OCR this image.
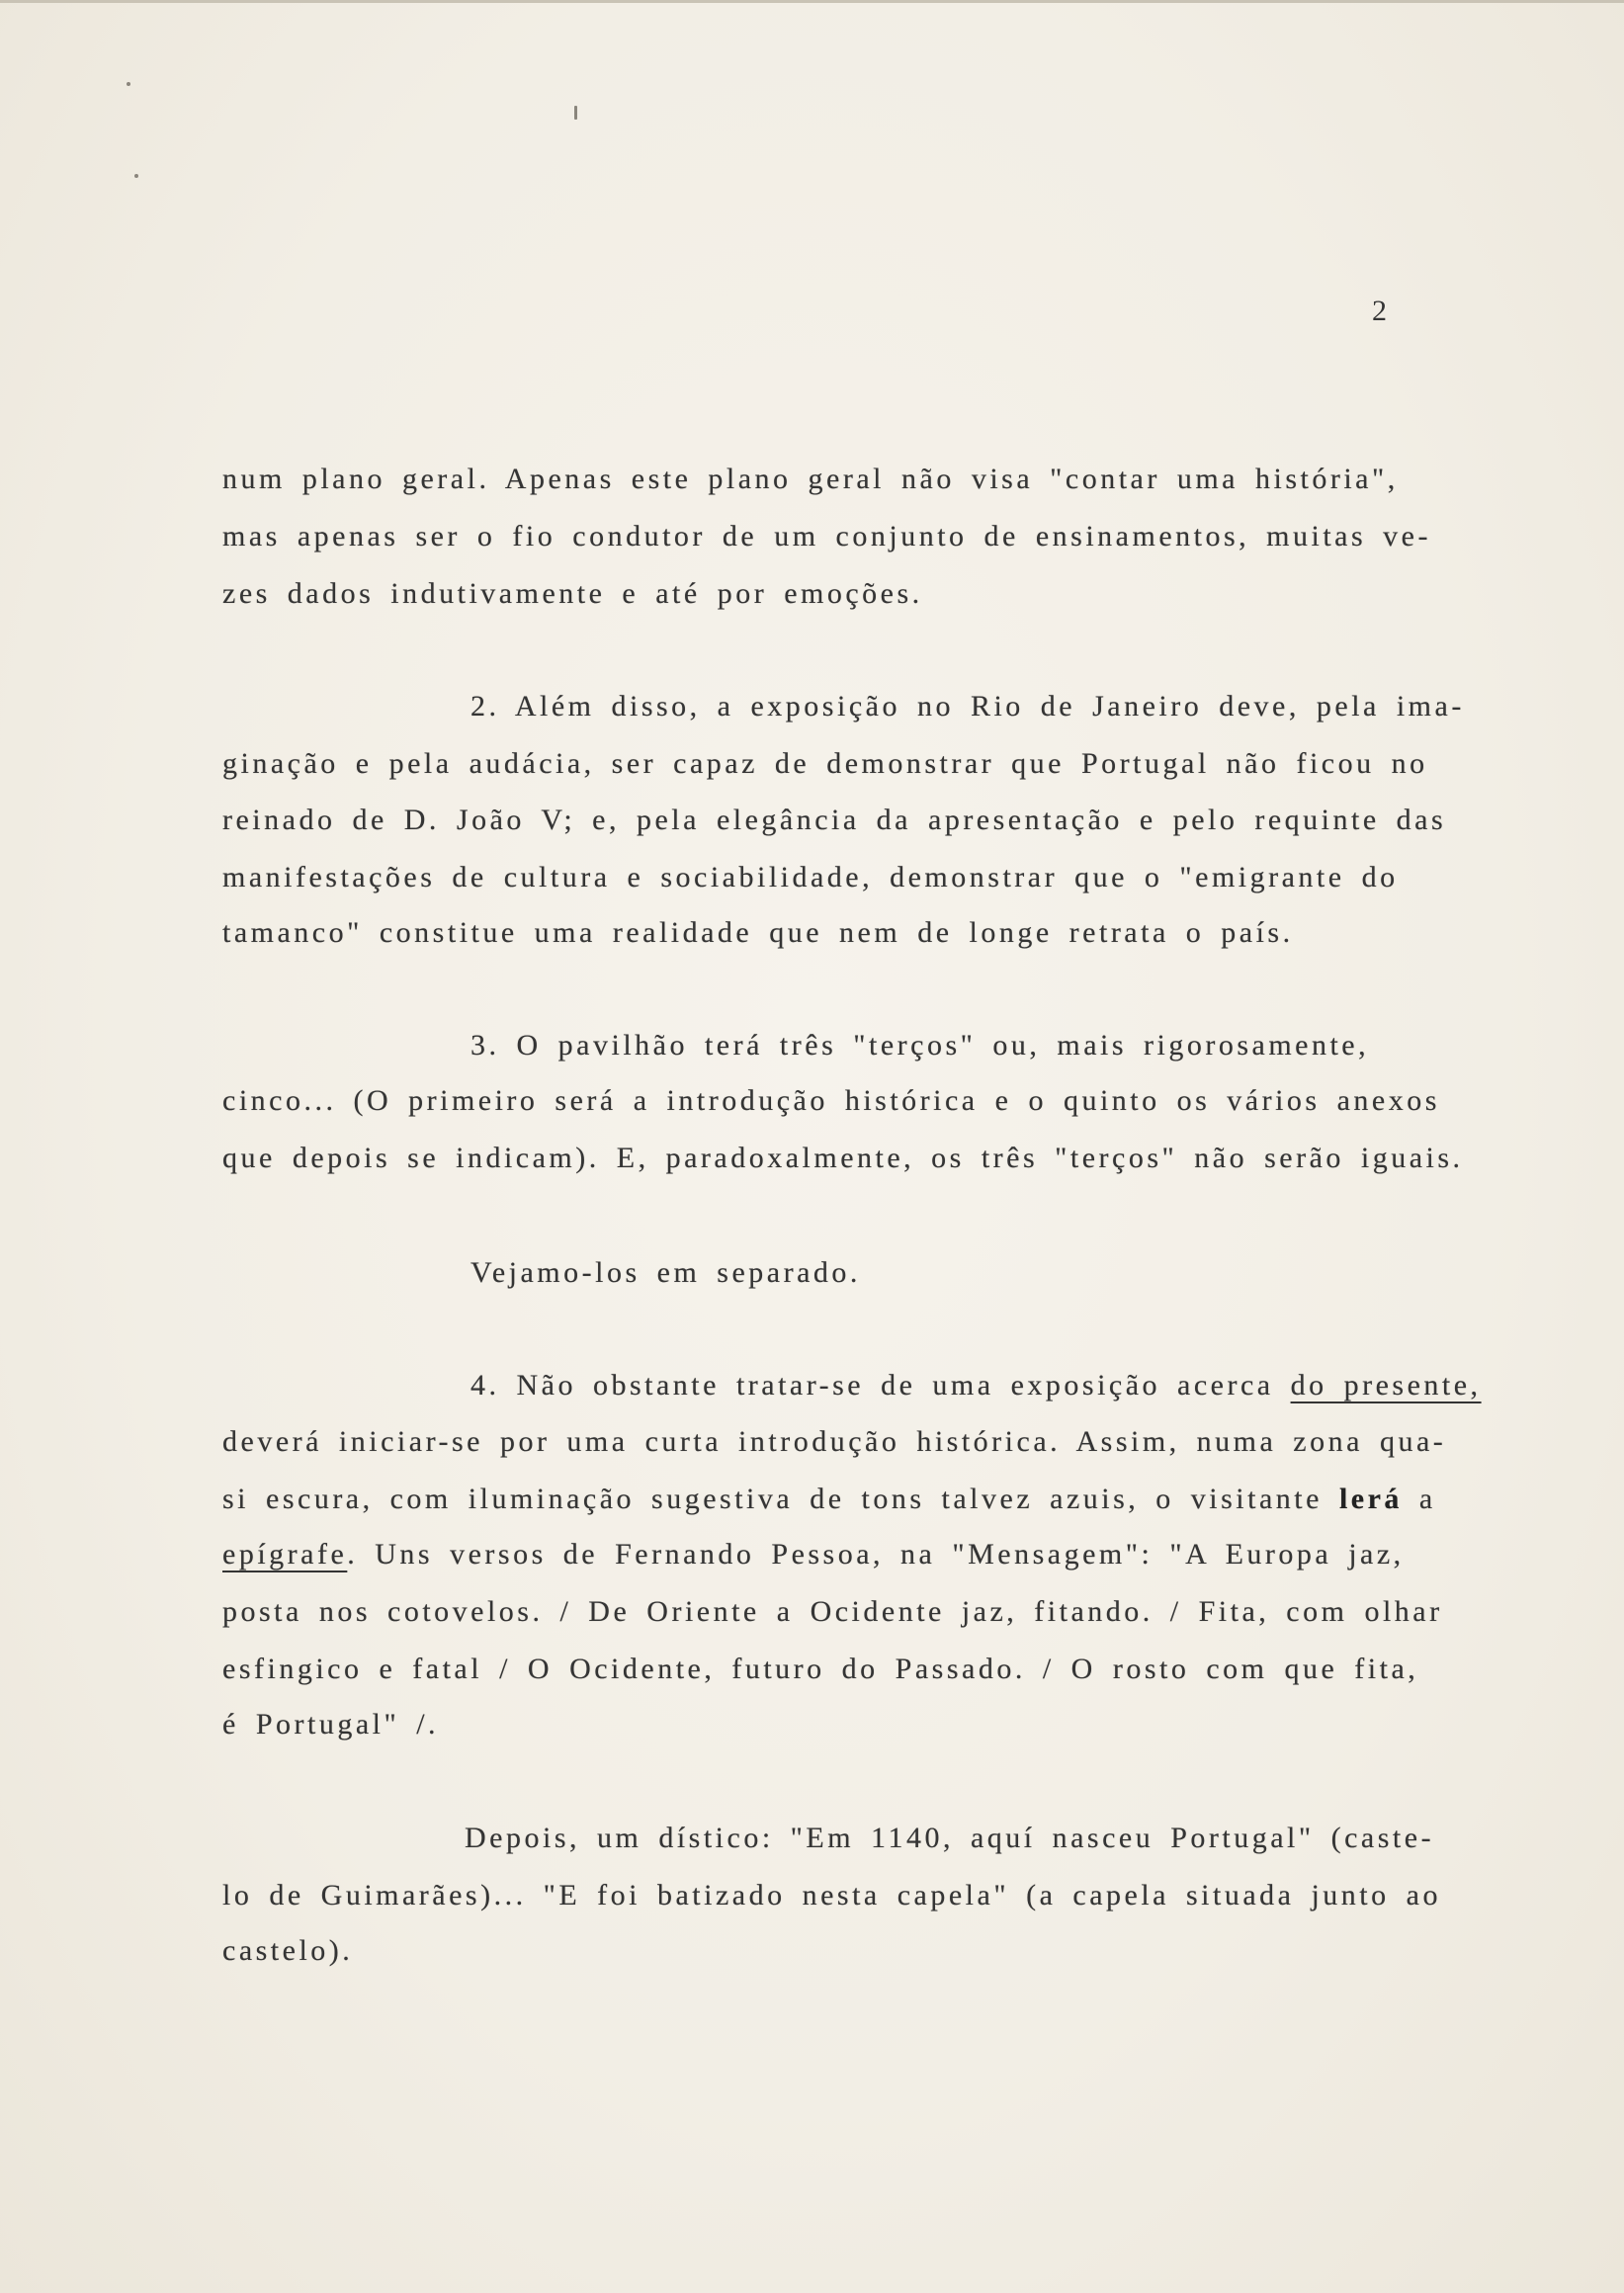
2
num plano geral. Apenas este plano geral não visa "contar uma história",
mas apenas ser o fio condutor de um conjunto de ensinamentos, muitas ve-
zes dados indutivamente e até por emoções.
2. Além disso, a exposição no Rio de Janeiro deve, pela ima-
ginação e pela audácia, ser capaz de demonstrar que Portugal não ficou no
reinado de D. João V; e, pela elegância da apresentação e pelo requinte das
manifestações de cultura e sociabilidade, demonstrar que o "emigrante do
tamanco" constitue uma realidade que nem de longe retrata o país.
3. O pavilhão terá três "terços" ou, mais rigorosamente,
cinco... (O primeiro será a introdução histórica e o quinto os vários anexos
que depois se indicam). E, paradoxalmente, os três "terços" não serão iguais.
Vejamo-los em separado.
4. Não obstante tratar-se de uma exposição acerca do presente,
deverá iniciar-se por uma curta introdução histórica. Assim, numa zona qua-
si escura, com iluminação sugestiva de tons talvez azuis, o visitante lerá a
epígrafe. Uns versos de Fernando Pessoa, na "Mensagem": "A Europa jaz,
posta nos cotovelos. / De Oriente a Ocidente jaz, fitando. / Fita, com olhar
esfingico e fatal / O Ocidente, futuro do Passado. / O rosto com que fita,
é Portugal" /.
Depois, um dístico: "Em 1140, aquí nasceu Portugal" (caste-
lo de Guimarães)... "E foi batizado nesta capela" (a capela situada junto ao
castelo).
